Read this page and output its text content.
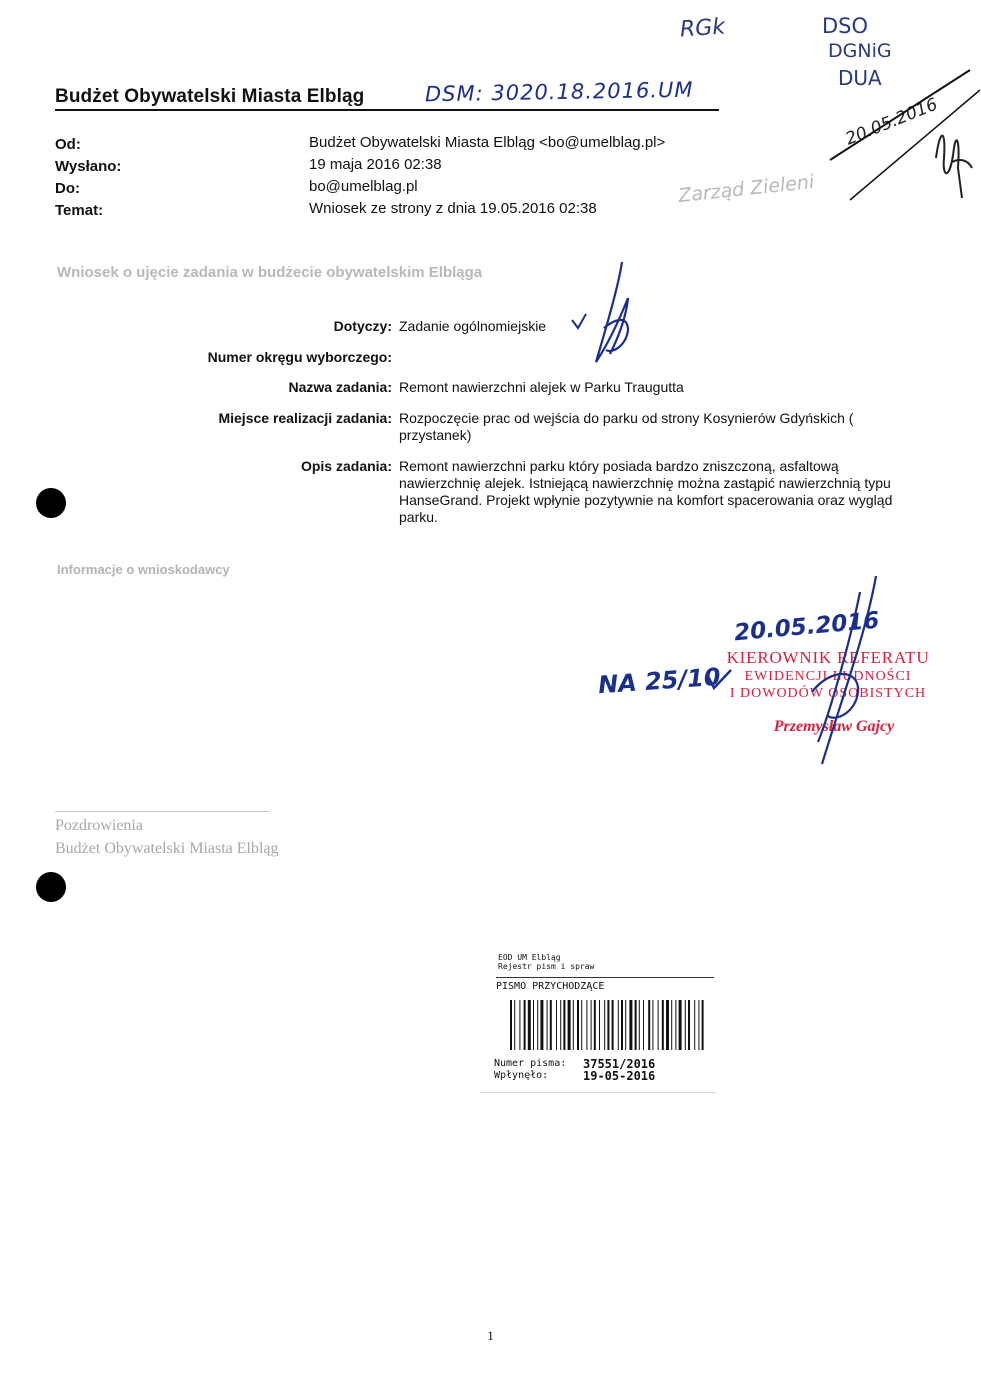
Budżet Obywatelski Miasta Elbląg
Od:	Budżet Obywatelski Miasta Elbląg <bo@umelblag.pl>
Wysłano:	19 maja 2016 02:38
Do:	bo@umelblag.pl
Temat:	Wniosek ze strony z dnia 19.05.2016 02:38
RGk	DSO
DGNiG
DUA
DSM: 3020.18.2016.UM
20.05.2016
Zarząd Zieleni
Wniosek o ujęcie zadania w budżecie obywatelskim Elbląga
Dotyczy: Zadanie ogólnomiejskie
Numer okręgu wyborczego:
Nazwa zadania: Remont nawierzchni alejek w Parku Traugutta
Miejsce realizacji zadania: Rozpoczęcie prac od wejścia do parku od strony Kosynierów Gdyńskich ( przystanek)
Opis zadania: Remont nawierzchni parku który posiada bardzo zniszczoną, asfaltową nawierzchnię alejek. Istniejącą nawierzchnię można zastąpić nawierzchnią typu HanseGrand. Projekt wpłynie pozytywnie na komfort spacerowania oraz wygląd parku.
Informacje o wnioskodawcy
20.05.2016
NA 25/10
KIEROWNIK REFERATU
EWIDENCJI LUDNOŚCI
I DOWODÓW OSOBISTYCH
Przemysław Gajcy
Pozdrowienia
Budżet Obywatelski Miasta Elbląg
EOD UM Elbląg
Rejestr pism i spraw
PISMO PRZYCHODZĄCE
Numer pisma: 37551/2016
Wpłynęło:	19-05-2016
1
